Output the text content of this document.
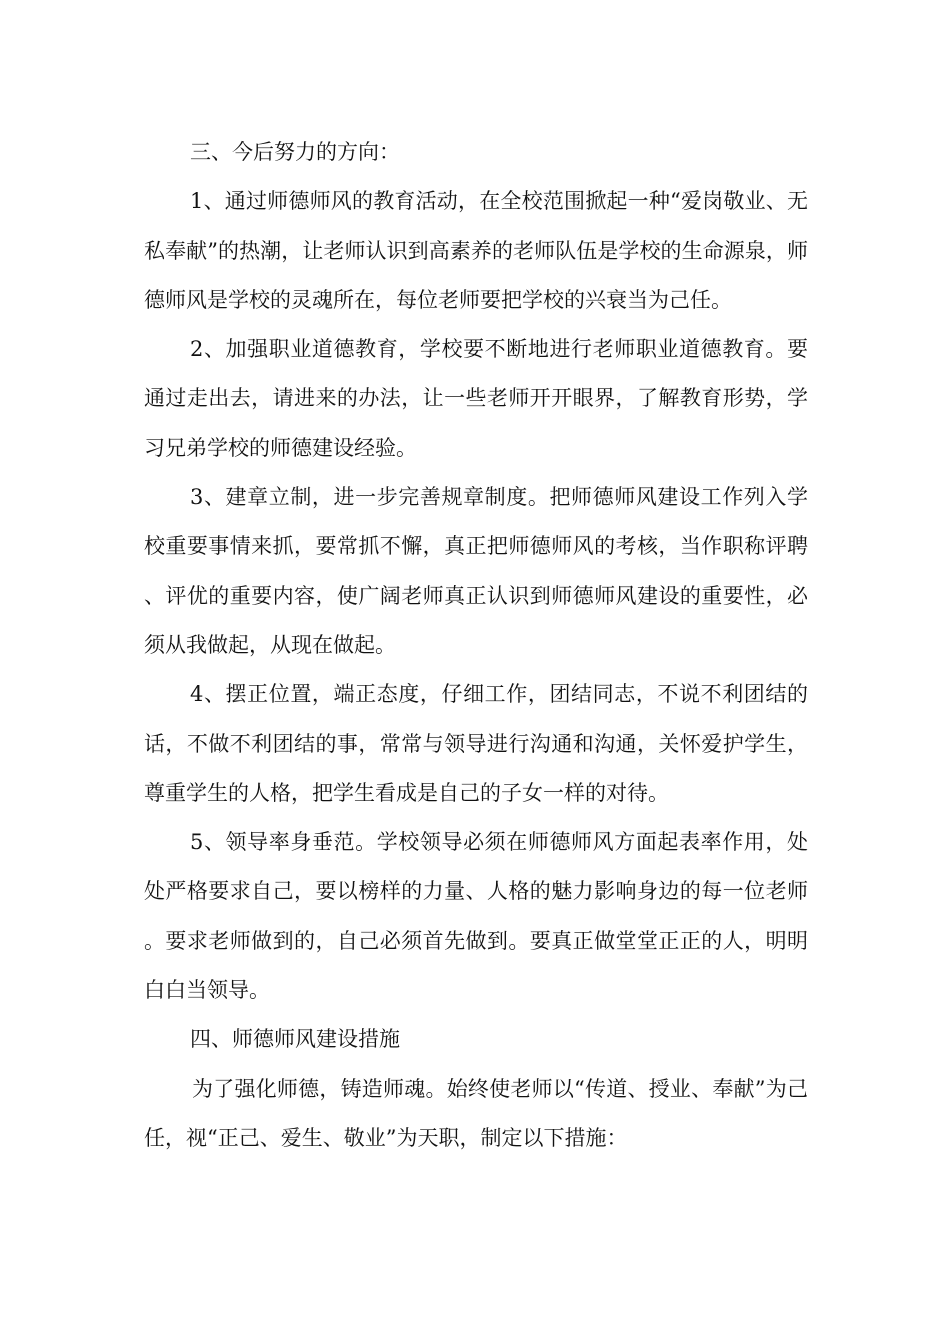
三、今后努力的方向：

1、通过师德师风的教育活动，在全校范围掀起一种“爱岗敬业、无私奉献”的热潮，让老师认识到高素养的老师队伍是学校的生命源泉，师德师风是学校的灵魂所在，每位老师要把学校的兴衰当为己任。

2、加强职业道德教育，学校要不断地进行老师职业道德教育。要通过走出去，请进来的办法，让一些老师开开眼界，了解教育形势，学习兄弟学校的师德建设经验。

3、建章立制，进一步完善规章制度。把师德师风建设工作列入学校重要事情来抓，要常抓不懈，真正把师德师风的考核，当作职称评聘、评优的重要内容，使广阔老师真正认识到师德师风建设的重要性，必须从我做起，从现在做起。

4、摆正位置，端正态度，仔细工作，团结同志，不说不利团结的话，不做不利团结的事，常常与领导进行沟通和沟通，关怀爱护学生，尊重学生的人格，把学生看成是自己的子女一样的对待。

5、领导率身垂范。学校领导必须在师德师风方面起表率作用，处处严格要求自己，要以榜样的力量、人格的魅力影响身边的每一位老师。要求老师做到的，自己必须首先做到。要真正做堂堂正正的人，明明白白当领导。

四、师德师风建设措施

为了强化师德，铸造师魂。始终使老师以“传道、授业、奉献”为己任，视“正己、爱生、敬业”为天职，制定以下措施：
